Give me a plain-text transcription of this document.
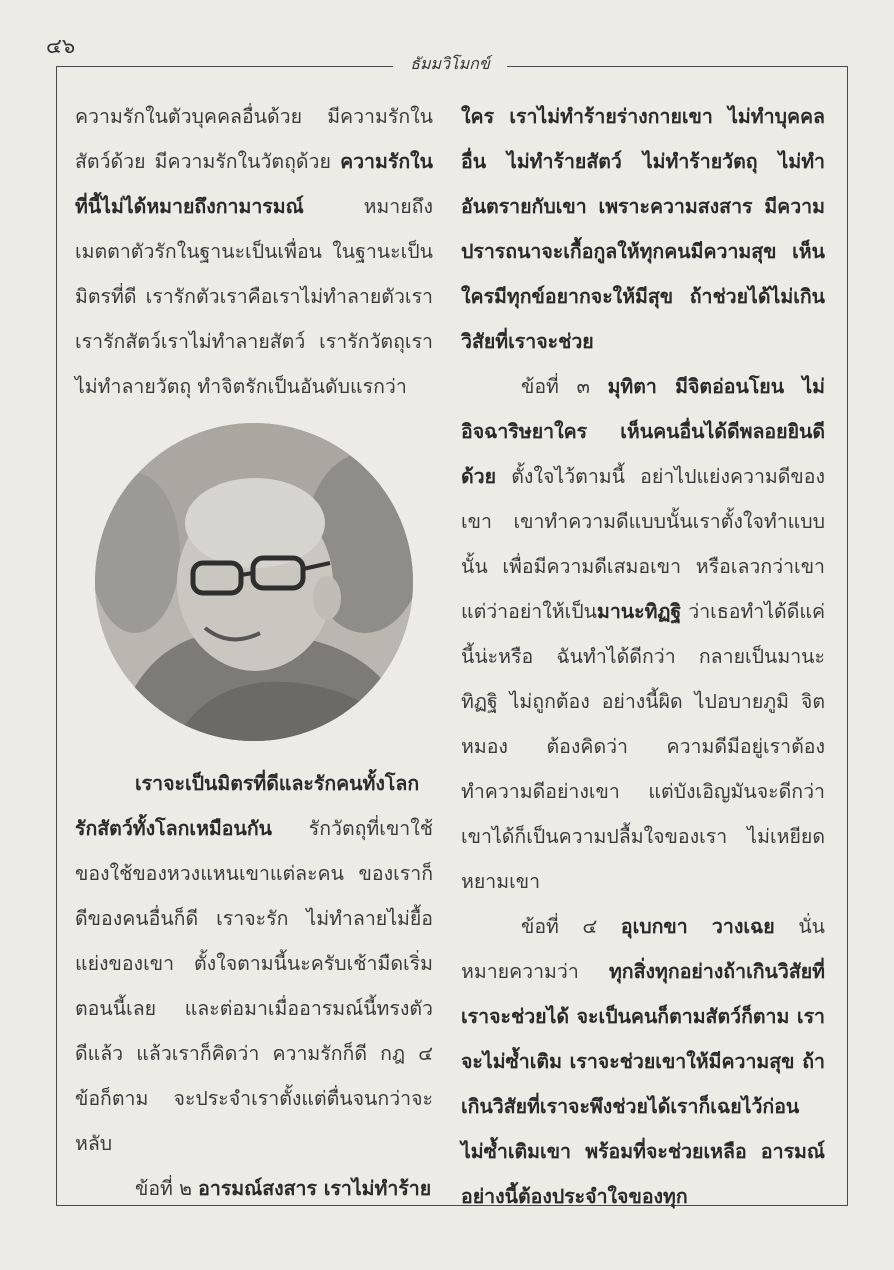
๔๖
ธัมมวิโมกข์

ความรักในตัวบุคคลอื่นด้วย มีความรักในสัตว์ด้วย มีความรักในวัตถุด้วย ความรักในที่นี้ไม่ได้หมายถึงกามารมณ์ หมายถึงเมตตาตัวรักในฐานะเป็นเพื่อน ในฐานะเป็นมิตรที่ดี เรารักตัวเราคือเราไม่ทำลายตัวเรา เรารักสัตว์เราไม่ทำลายสัตว์ เรารักวัตถุเราไม่ทำลายวัตถุ ทำจิตรักเป็นอันดับแรกว่า

เราจะเป็นมิตรที่ดีและรักคนทั้งโลกรักสัตว์ทั้งโลกเหมือนกัน รักวัตถุที่เขาใช้ของใช้ของหวงแหนเขาแต่ละคน ของเราก็ดีของคนอื่นก็ดี เราจะรัก ไม่ทำลายไม่ยื้อแย่งของเขา ตั้งใจตามนี้นะครับเช้ามืดเริ่มตอนนี้เลย และต่อมาเมื่ออารมณ์นี้ทรงตัวดีแล้ว แล้วเราก็คิดว่า ความรักก็ดี กฎ ๔ ข้อก็ตาม จะประจำเราตั้งแต่ตื่นจนกว่าจะหลับ

ข้อที่ ๒ อารมณ์สงสาร เราไม่ทำร้าย

ใคร เราไม่ทำร้ายร่างกายเขา ไม่ทำบุคคลอื่น ไม่ทำร้ายสัตว์ ไม่ทำร้ายวัตถุ ไม่ทำอันตรายกับเขา เพราะความสงสาร มีความปรารถนาจะเกื้อกูลให้ทุกคนมีความสุข เห็นใครมีทุกข์อยากจะให้มีสุข ถ้าช่วยได้ไม่เกินวิสัยที่เราจะช่วย

ข้อที่ ๓ มุทิตา มีจิตอ่อนโยน ไม่อิจฉาริษยาใคร เห็นคนอื่นได้ดีพลอยยินดีด้วย ตั้งใจไว้ตามนี้ อย่าไปแย่งความดีของเขา เขาทำความดีแบบนั้นเราตั้งใจทำแบบนั้น เพื่อมีความดีเสมอเขา หรือเลวกว่าเขา แต่ว่าอย่าให้เป็นมานะทิฏฐิ ว่าเธอทำได้ดีแค่นี้น่ะหรือ ฉันทำได้ดีกว่า กลายเป็นมานะทิฏฐิ ไม่ถูกต้อง อย่างนี้ผิด ไปอบายภูมิ จิตหมอง ต้องคิดว่า ความดีมีอยู่เราต้องทำความดีอย่างเขา แต่บังเอิญมันจะดีกว่าเขาได้ก็เป็นความปลื้มใจของเรา ไม่เหยียดหยามเขา

ข้อที่ ๔ อุเบกขา วางเฉย นั่นหมายความว่า ทุกสิ่งทุกอย่างถ้าเกินวิสัยที่เราจะช่วยได้ จะเป็นคนก็ตามสัตว์ก็ตาม เราจะไม่ซ้ำเติม เราจะช่วยเขาให้มีความสุข ถ้าเกินวิสัยที่เราจะพึงช่วยได้เราก็เฉยไว้ก่อน ไม่ซ้ำเติมเขา พร้อมที่จะช่วยเหลือ อารมณ์อย่างนี้ต้องประจำใจของทุก
